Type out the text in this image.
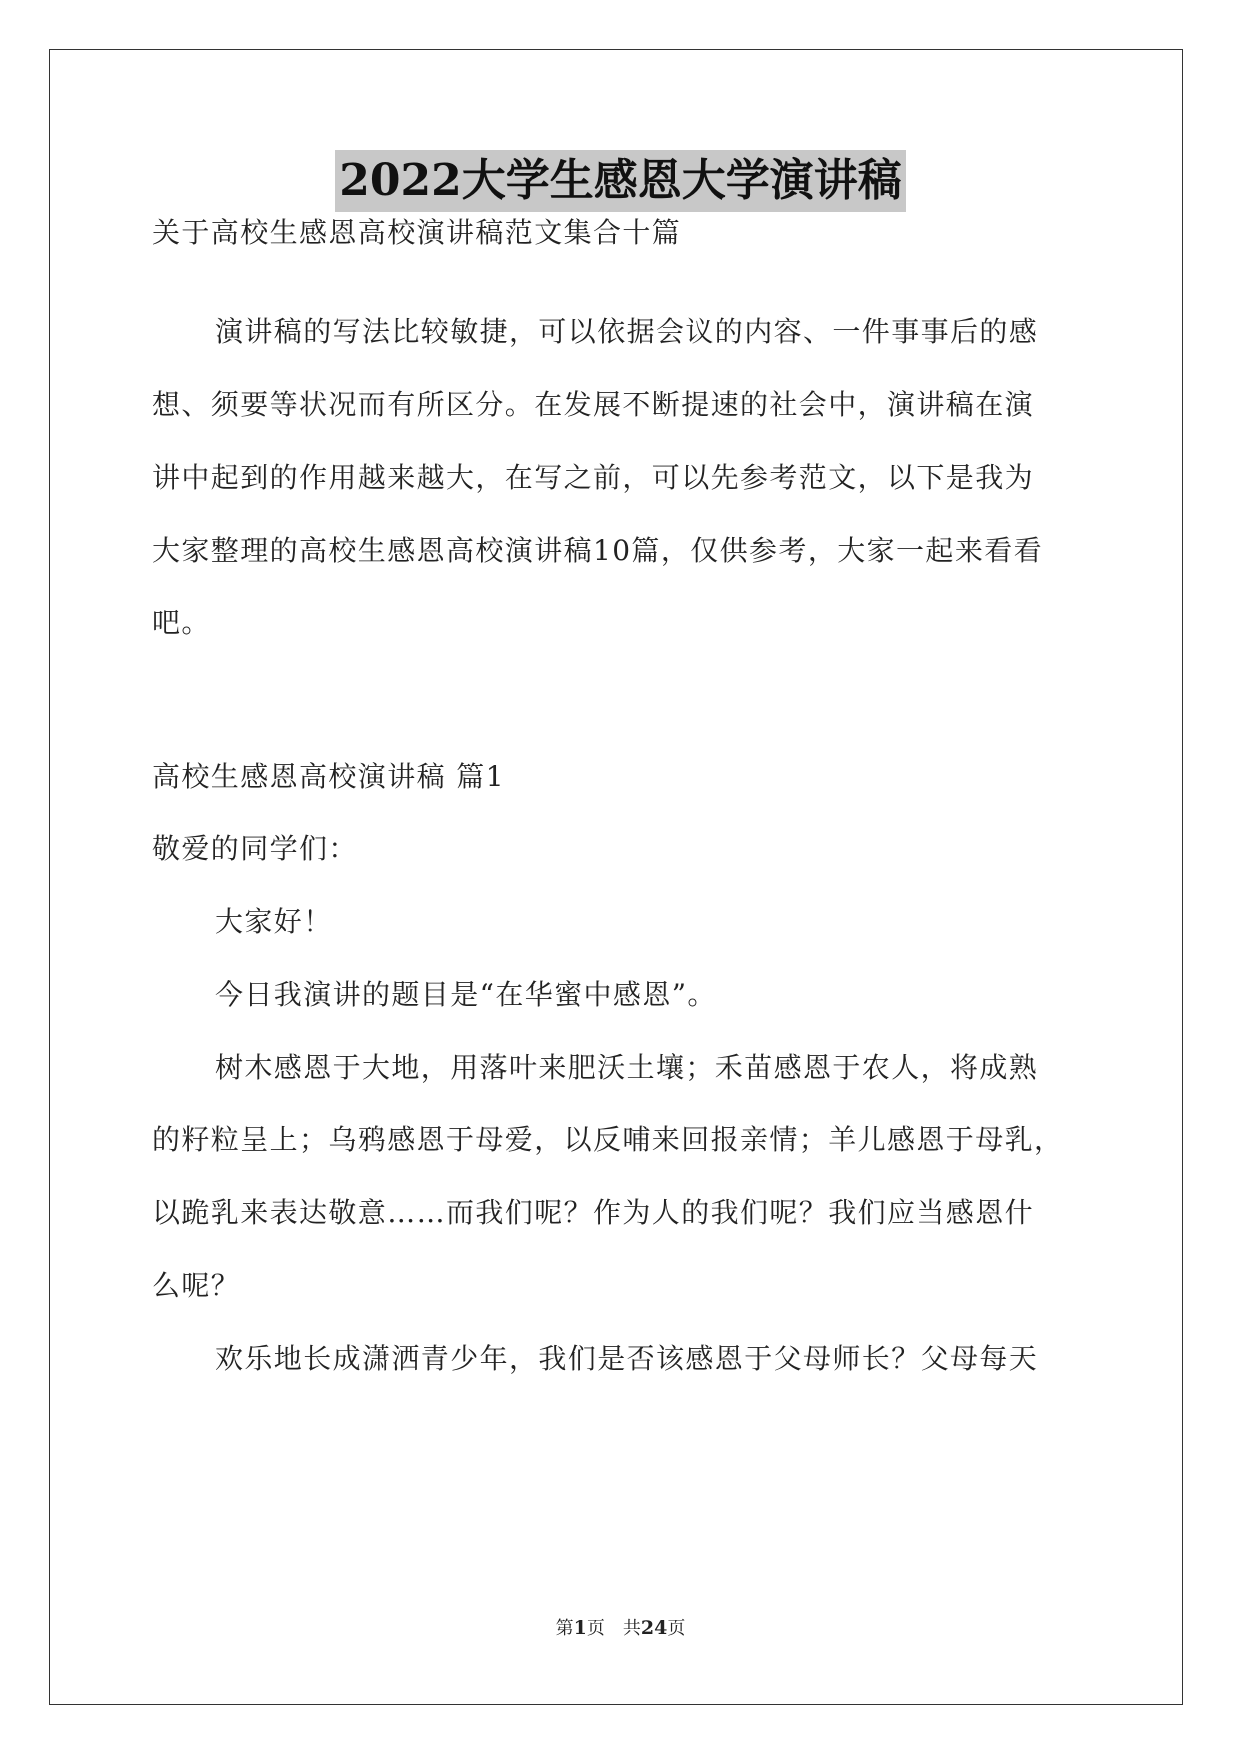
2022大学生感恩大学演讲稿
关于高校生感恩高校演讲稿范文集合十篇
演讲稿的写法比较敏捷，可以依据会议的内容、一件事事后的感
想、须要等状况而有所区分。在发展不断提速的社会中，演讲稿在演
讲中起到的作用越来越大，在写之前，可以先参考范文，以下是我为
大家整理的高校生感恩高校演讲稿10篇，仅供参考，大家一起来看看
吧。
高校生感恩高校演讲稿 篇1
敬爱的同学们：
大家好！
今日我演讲的题目是“在华蜜中感恩”。
树木感恩于大地，用落叶来肥沃土壤；禾苗感恩于农人，将成熟
的籽粒呈上；乌鸦感恩于母爱，以反哺来回报亲情；羊儿感恩于母乳，
以跪乳来表达敬意……而我们呢？作为人的我们呢？我们应当感恩什
么呢？
欢乐地长成潇洒青少年，我们是否该感恩于父母师长？父母每天
第1页　共24页
